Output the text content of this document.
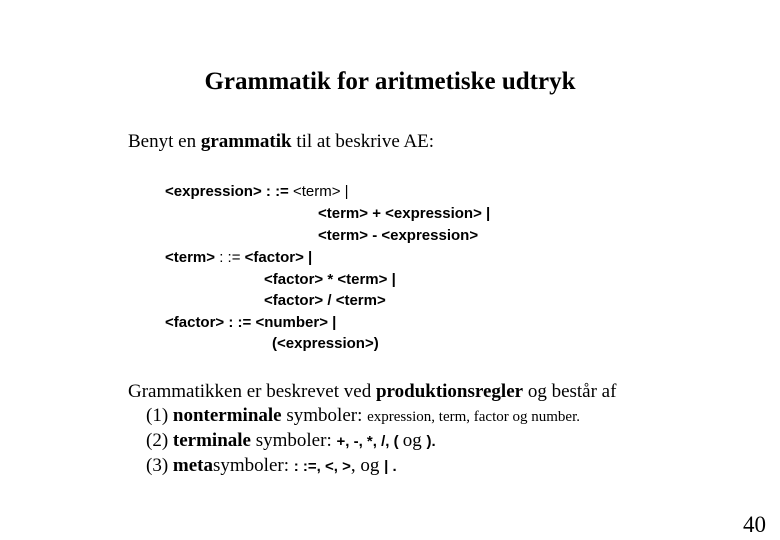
Grammatik for aritmetiske udtryk
Benyt en grammatik til at beskrive AE:
<expression> : := <term> |
<term> + <expression> |
<term> - <expression>
<term> : := <factor> |
<factor> * <term> |
<factor> / <term>
<factor> : := <number> |
(<expression>)
Grammatikken er beskrevet ved produktionsregler og består af
(1) nonterminale symboler: expression, term, factor og number.
(2) terminale symboler: +, -, *, /, ( og ).
(3) metasymboler: : :=, <, >, og | .
40
